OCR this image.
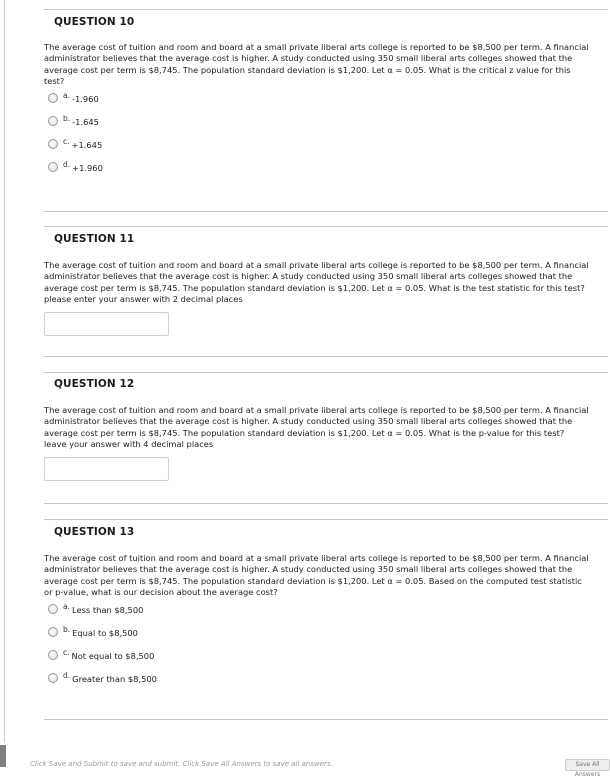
QUESTION 10
The average cost of tuition and room and board at a small private liberal arts college is reported to be $8,500 per term. A financial administrator believes that the average cost is higher. A study conducted using 350 small liberal arts colleges showed that the average cost per term is $8,745. The population standard deviation is $1,200. Let α = 0.05. What is the critical z value for this test?
a. -1.960
b. -1.645
c. +1.645
d. +1.960
QUESTION 11
The average cost of tuition and room and board at a small private liberal arts college is reported to be $8,500 per term. A financial administrator believes that the average cost is higher. A study conducted using 350 small liberal arts colleges showed that the average cost per term is $8,745. The population standard deviation is $1,200. Let α = 0.05. What is the test statistic for this test? please enter your answer with 2 decimal places
QUESTION 12
The average cost of tuition and room and board at a small private liberal arts college is reported to be $8,500 per term. A financial administrator believes that the average cost is higher. A study conducted using 350 small liberal arts colleges showed that the average cost per term is $8,745. The population standard deviation is $1,200. Let α = 0.05. What is the p-value for this test? leave your answer with 4 decimal places
QUESTION 13
The average cost of tuition and room and board at a small private liberal arts college is reported to be $8,500 per term. A financial administrator believes that the average cost is higher. A study conducted using 350 small liberal arts colleges showed that the average cost per term is $8,745. The population standard deviation is $1,200. Let α = 0.05. Based on the computed test statistic or p-value, what is our decision about the average cost?
a. Less than $8,500
b. Equal to $8,500
c. Not equal to $8,500
d. Greater than $8,500
Click Save and Submit to save and submit. Click Save All Answers to save all answers.	Save All Answers
